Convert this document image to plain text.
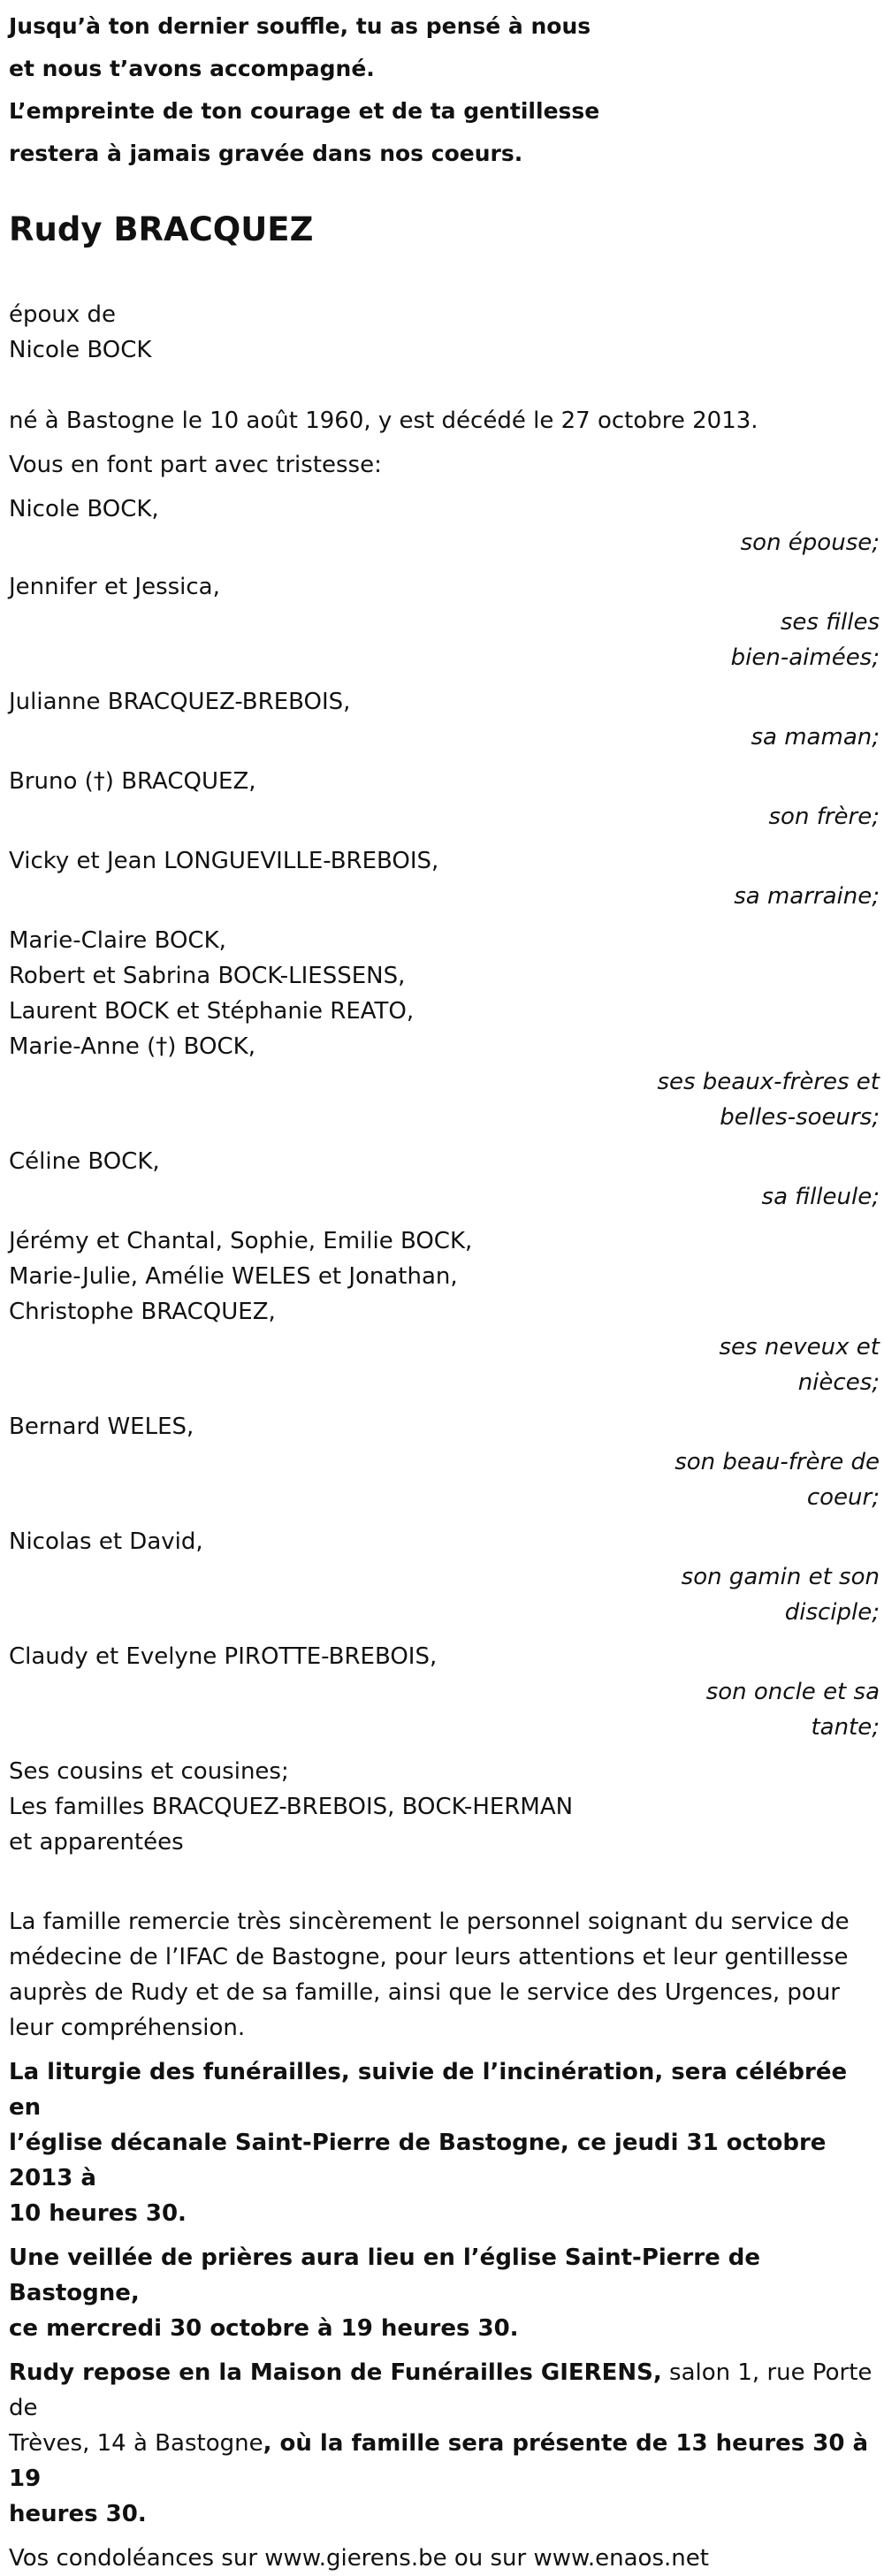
Jusqu’à ton dernier souffle, tu as pensé à nous
et nous t’avons accompagné.
L’empreinte de ton courage et de ta gentillesse
restera à jamais gravée dans nos coeurs.
Rudy BRACQUEZ
époux de
Nicole BOCK
né à Bastogne le 10 août 1960, y est décédé le 27 octobre 2013.
Vous en font part avec tristesse:
Nicole BOCK,
son épouse;
Jennifer et Jessica,
ses filles
bien-aimées;
Julianne BRACQUEZ-BREBOIS,
sa maman;
Bruno (†) BRACQUEZ,
son frère;
Vicky et Jean LONGUEVILLE-BREBOIS,
sa marraine;
Marie-Claire BOCK,
Robert et Sabrina BOCK-LIESSENS,
Laurent BOCK et Stéphanie REATO,
Marie-Anne (†) BOCK,
ses beaux-frères et
belles-soeurs;
Céline BOCK,
sa filleule;
Jérémy et Chantal, Sophie, Emilie BOCK,
Marie-Julie, Amélie WELES et Jonathan,
Christophe BRACQUEZ,
ses neveux et
nièces;
Bernard WELES,
son beau-frère de
coeur;
Nicolas et David,
son gamin et son
disciple;
Claudy et Evelyne PIROTTE-BREBOIS,
son oncle et sa
tante;
Ses cousins et cousines;
Les familles BRACQUEZ-BREBOIS, BOCK-HERMAN
et apparentées
La famille remercie très sincèrement le personnel soignant du service de
médecine de l’IFAC de Bastogne, pour leurs attentions et leur gentillesse
auprès de Rudy et de sa famille, ainsi que le service des Urgences, pour
leur compréhension.
La liturgie des funérailles, suivie de l’incinération, sera célébrée en
l’église décanale Saint-Pierre de Bastogne, ce jeudi 31 octobre 2013 à
10 heures 30.
Une veillée de prières aura lieu en l’église Saint-Pierre de Bastogne,
ce mercredi 30 octobre à 19 heures 30.
Rudy repose en la Maison de Funérailles GIERENS, salon 1, rue Porte de
Trèves, 14 à Bastogne, où la famille sera présente de 13 heures 30 à 19
heures 30.
Vos condoléances sur www.gierens.be ou sur www.enaos.net
